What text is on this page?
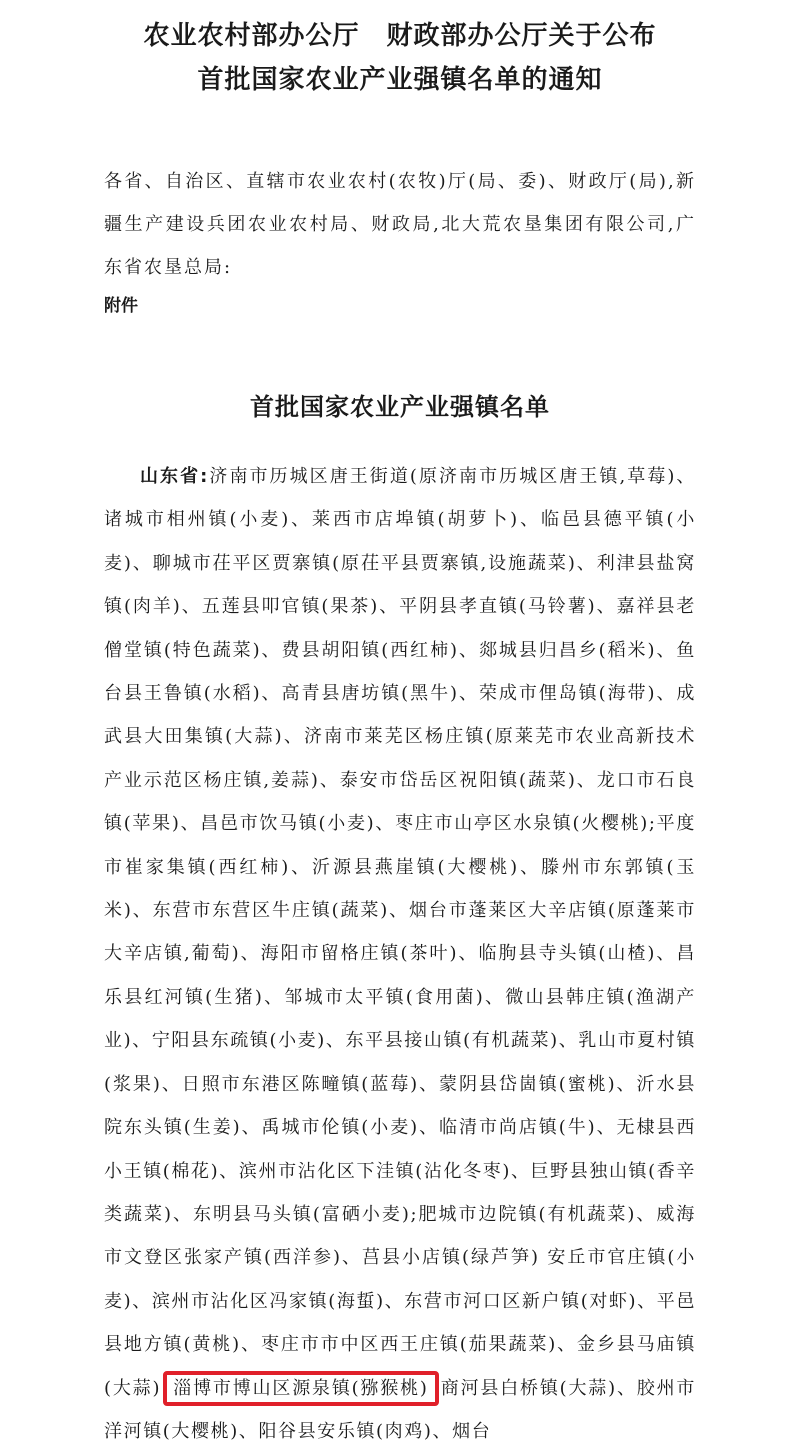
农业农村部办公厅　财政部办公厅关于公布
首批国家农业产业强镇名单的通知
各省、自治区、直辖市农业农村(农牧)厅(局、委)、财政厅(局),新疆生产建设兵团农业农村局、财政局,北大荒农垦集团有限公司,广东省农垦总局:
附件
首批国家农业产业强镇名单
山东省:济南市历城区唐王街道(原济南市历城区唐王镇,草莓)、诸城市相州镇(小麦)、莱西市店埠镇(胡萝卜)、临邑县德平镇(小麦)、聊城市茌平区贾寨镇(原茌平县贾寨镇,设施蔬菜)、利津县盐窝镇(肉羊)、五莲县叩官镇(果茶)、平阴县孝直镇(马铃薯)、嘉祥县老僧堂镇(特色蔬菜)、费县胡阳镇(西红柿)、郯城县归昌乡(稻米)、鱼台县王鲁镇(水稻)、高青县唐坊镇(黑牛)、荣成市俚岛镇(海带)、成武县大田集镇(大蒜)、济南市莱芜区杨庄镇(原莱芜市农业高新技术产业示范区杨庄镇,姜蒜)、泰安市岱岳区祝阳镇(蔬菜)、龙口市石良镇(苹果)、昌邑市饮马镇(小麦)、枣庄市山亭区水泉镇(火樱桃);平度市崔家集镇(西红柿)、沂源县燕崖镇(大樱桃)、滕州市东郭镇(玉米)、东营市东营区牛庄镇(蔬菜)、烟台市蓬莱区大辛店镇(原蓬莱市大辛店镇,葡萄)、海阳市留格庄镇(茶叶)、临朐县寺头镇(山楂)、昌乐县红河镇(生猪)、邹城市太平镇(食用菌)、微山县韩庄镇(渔湖产业)、宁阳县东疏镇(小麦)、东平县接山镇(有机蔬菜)、乳山市夏村镇(浆果)、日照市东港区陈疃镇(蓝莓)、蒙阴县岱崮镇(蜜桃)、沂水县院东头镇(生姜)、禹城市伦镇(小麦)、临清市尚店镇(牛)、无棣县西小王镇(棉花)、滨州市沾化区下洼镇(沾化冬枣)、巨野县独山镇(香辛类蔬菜)、东明县马头镇(富硒小麦);肥城市边院镇(有机蔬菜)、威海市文登区张家产镇(西洋参)、莒县小店镇(绿芦笋) 安丘市官庄镇(小麦)、滨州市沾化区冯家镇(海蜇)、东营市河口区新户镇(对虾)、平邑县地方镇(黄桃)、枣庄市市中区西王庄镇(茄果蔬菜)、金乡县马庙镇(大蒜) 淄博市博山区源泉镇(猕猴桃) 商河县白桥镇(大蒜)、胶州市洋河镇(大樱桃)、阳谷县安乐镇(肉鸡)、烟台
